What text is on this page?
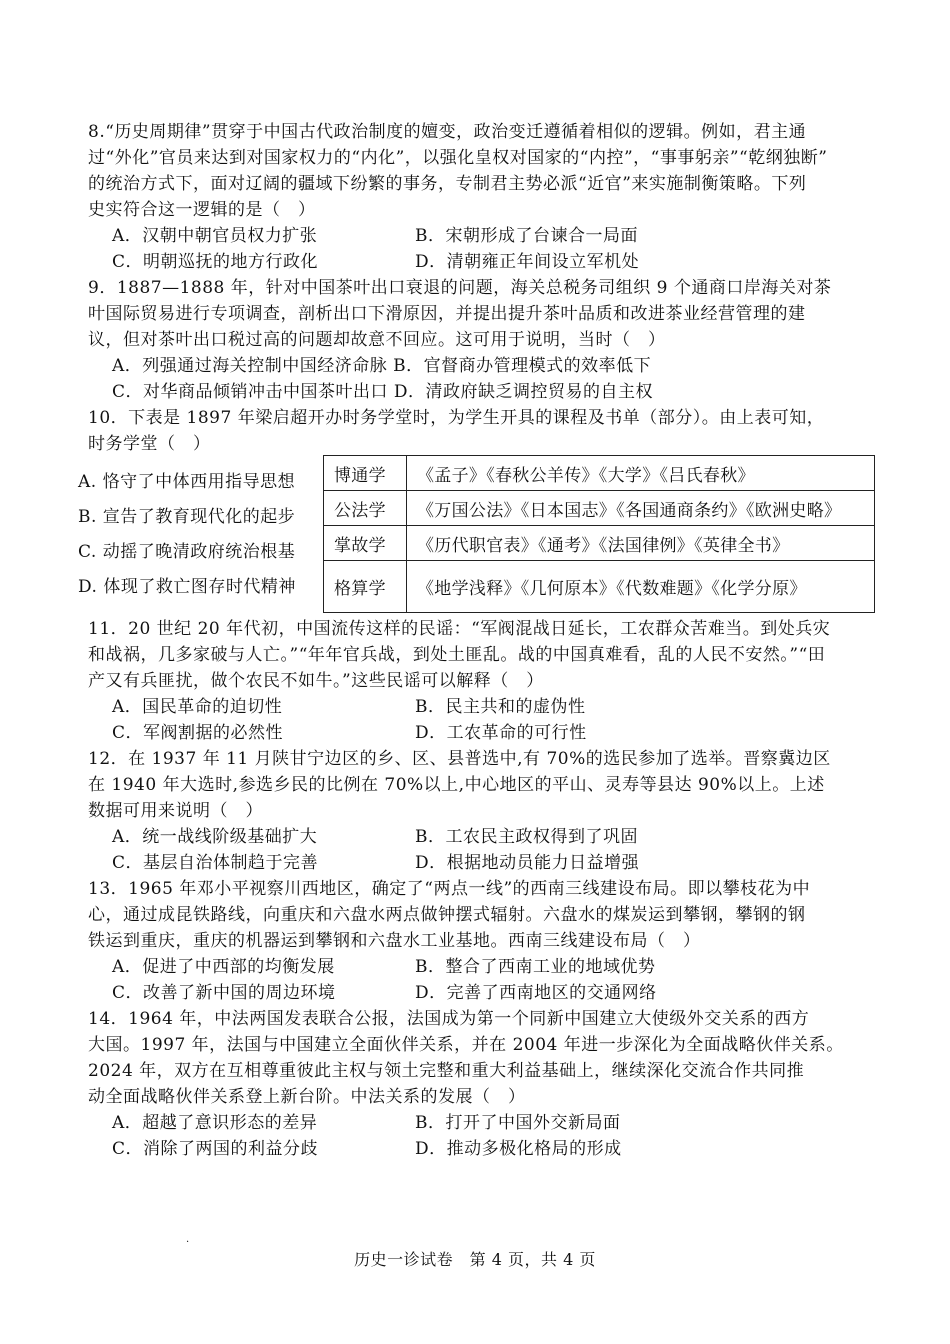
8.“历史周期律”贯穿于中国古代政治制度的嬗变，政治变迁遵循着相似的逻辑。例如，君主通
过“外化”官员来达到对国家权力的“内化”，以强化皇权对国家的“内控”，“事事躬亲”“乾纲独断”
的统治方式下，面对辽阔的疆域下纷繁的事务，专制君主势必派“近官”来实施制衡策略。下列
史实符合这一逻辑的是（　）
A．汉朝中朝官员权力扩张	B．宋朝形成了台谏合一局面
C．明朝巡抚的地方行政化	D．清朝雍正年间设立军机处
9．1887—1888 年，针对中国茶叶出口衰退的问题，海关总税务司组织 9 个通商口岸海关对茶
叶国际贸易进行专项调查，剖析出口下滑原因，并提出提升茶叶品质和改进茶业经营管理的建
议，但对茶叶出口税过高的问题却故意不回应。这可用于说明，当时（　）
A．列强通过海关控制中国经济命脉 B．官督商办管理模式的效率低下
C．对华商品倾销冲击中国茶叶出口 D．清政府缺乏调控贸易的自主权
10．下表是 1897 年梁启超开办时务学堂时，为学生开具的课程及书单（部分）。由上表可知，
时务学堂（　）
A. 恪守了中体西用指导思想
B. 宣告了教育现代化的起步
C. 动摇了晚清政府统治根基
D. 体现了救亡图存时代精神
博通学	《孟子》《春秋公羊传》《大学》《吕氏春秋》
公法学	《万国公法》《日本国志》《各国通商条约》《欧洲史略》
掌故学	《历代职官表》《通考》《法国律例》《英律全书》
格算学	《地学浅释》《几何原本》《代数难题》《化学分原》
11．20 世纪 20 年代初，中国流传这样的民谣：“军阀混战日延长，工农群众苦难当。到处兵灾
和战祸，几多家破与人亡。”“年年官兵战，到处土匪乱。战的中国真难看，乱的人民不安然。”“田
产又有兵匪扰，做个农民不如牛。”这些民谣可以解释（　）
A．国民革命的迫切性	B．民主共和的虚伪性
C．军阀割据的必然性	D．工农革命的可行性
12．在 1937 年 11 月陕甘宁边区的乡、区、县普选中,有 70%的选民参加了选举。晋察冀边区
在 1940 年大选时,参选乡民的比例在 70%以上,中心地区的平山、灵寿等县达 90%以上。上述
数据可用来说明（　）
A．统一战线阶级基础扩大	B．工农民主政权得到了巩固
C．基层自治体制趋于完善	D．根据地动员能力日益增强
13．1965 年邓小平视察川西地区，确定了“两点一线”的西南三线建设布局。即以攀枝花为中
心，通过成昆铁路线，向重庆和六盘水两点做钟摆式辐射。六盘水的煤炭运到攀钢，攀钢的钢
铁运到重庆，重庆的机器运到攀钢和六盘水工业基地。西南三线建设布局（　）
A．促进了中西部的均衡发展	B．整合了西南工业的地域优势
C．改善了新中国的周边环境	D．完善了西南地区的交通网络
14．1964 年，中法两国发表联合公报，法国成为第一个同新中国建立大使级外交关系的西方
大国。1997 年，法国与中国建立全面伙伴关系，并在 2004 年进一步深化为全面战略伙伴关系。
2024 年，双方在互相尊重彼此主权与领土完整和重大利益基础上，继续深化交流合作共同推
动全面战略伙伴关系登上新台阶。中法关系的发展（　）
A．超越了意识形态的差异	B．打开了中国外交新局面
C．消除了两国的利益分歧	D．推动多极化格局的形成
.
历史一诊试卷　第 4 页，共 4 页
